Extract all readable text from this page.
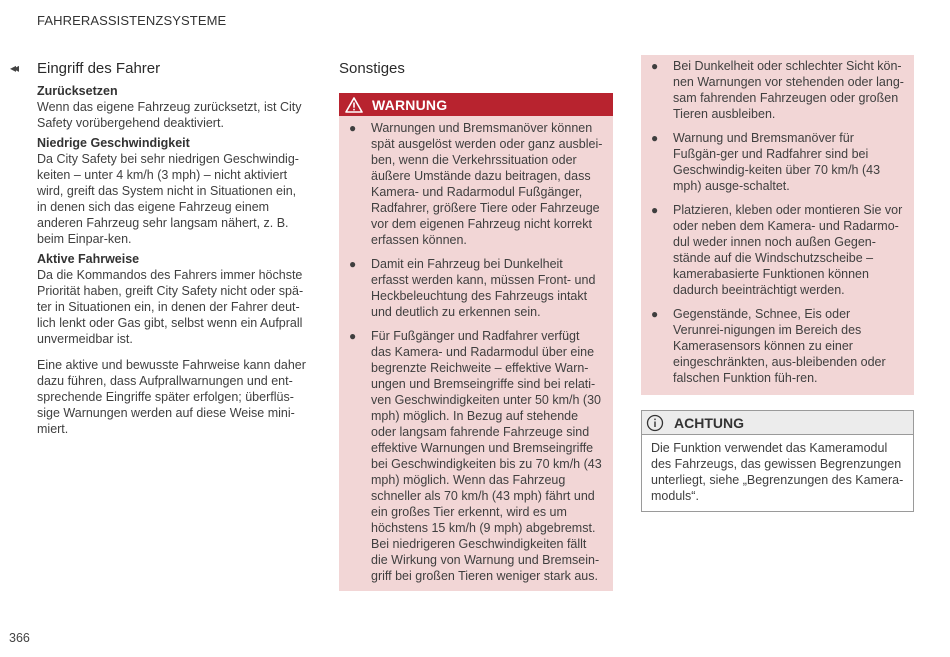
FAHRERASSISTENZSYSTEME
◂◂ Eingriff des Fahrer
Zurücksetzen

Wenn das eigene Fahrzeug zurücksetzt, ist City Safety vorübergehend deaktiviert.

Niedrige Geschwindigkeit

Da City Safety bei sehr niedrigen Geschwindig-keiten – unter 4 km/h (3 mph) – nicht aktiviert wird, greift das System nicht in Situationen ein, in denen sich das eigene Fahrzeug einem anderen Fahrzeug sehr langsam nähert, z. B. beim Einpar-ken.

Aktive Fahrweise

Da die Kommandos des Fahrers immer höchste Priorität haben, greift City Safety nicht oder spä-ter in Situationen ein, in denen der Fahrer deut-lich lenkt oder Gas gibt, selbst wenn ein Aufprall unvermeidbar ist.

Eine aktive und bewusste Fahrweise kann daher dazu führen, dass Aufprallwarnungen und ent-sprechende Eingriffe später erfolgen; überflüs-sige Warnungen werden auf diese Weise mini-miert.

Sonstiges
WARNUNG
● Warnungen und Bremsmanöver können spät ausgelöst werden oder ganz ausblei-ben, wenn die Verkehrssituation oder äußere Umstände dazu beitragen, dass Kamera- und Radarmodul Fußgänger, Radfahrer, größere Tiere oder Fahrzeuge vor dem eigenen Fahrzeug nicht korrekt erfassen können.
● Damit ein Fahrzeug bei Dunkelheit erfasst werden kann, müssen Front- und Heckbeleuchtung des Fahrzeugs intakt und deutlich zu erkennen sein.
● Für Fußgänger und Radfahrer verfügt das Kamera- und Radarmodul über eine begrenzte Reichweite – effektive Warn-ungen und Bremseingriffe sind bei relati-ven Geschwindigkeiten unter 50 km/h (30 mph) möglich. In Bezug auf stehende oder langsam fahrende Fahrzeuge sind effektive Warnungen und Bremseingriffe bei Geschwindigkeiten bis zu 70 km/h (43 mph) möglich. Wenn das Fahrzeug schneller als 70 km/h (43 mph) fährt und ein großes Tier erkennt, wird es um höchstens 15 km/h (9 mph) abgebremst. Bei niedrigeren Geschwindigkeiten fällt die Wirkung von Warnung und Bremsein-griff bei großen Tieren weniger stark aus.
● Bei Dunkelheit oder schlechter Sicht kön-nen Warnungen vor stehenden oder lang-sam fahrenden Fahrzeugen oder großen Tieren ausbleiben.
● Warnung und Bremsmanöver für Fußgän-ger und Radfahrer sind bei Geschwindig-keiten über 70 km/h (43 mph) ausge-schaltet.
● Platzieren, kleben oder montieren Sie vor oder neben dem Kamera- und Radarmo-dul weder innen noch außen Gegen-stände auf die Windschutzscheibe – kamerabasierte Funktionen können dadurch beeinträchtigt werden.
● Gegenstände, Schnee, Eis oder Verunrei-nigungen im Bereich des Kamerasensors können zu einer eingeschränkten, aus-bleibenden oder falschen Funktion füh-ren.
ACHTUNG
Die Funktion verwendet das Kameramodul des Fahrzeugs, das gewissen Begrenzungen unterliegt, siehe „Begrenzungen des Kamera-moduls“.
366
